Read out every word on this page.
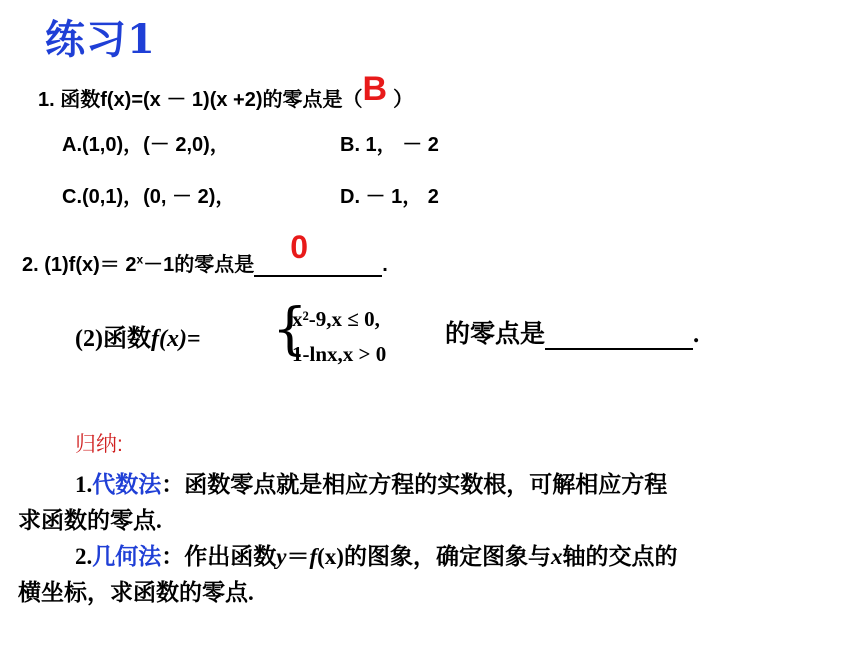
练习1
1. 函数f(x)=(x － 1)(x +2)的零点是（B ）
A.(1,0)，(－ 2,0)，	B. 1， － 2
C.(0,1)，(0, － 2)，	D. － 1， 2
2. $(1)f(x)= 2^x-1$的零点是 0	.
(2)函数f(x)= {
x²-9,x ≤ 0,
1-lnx,x > 0
的零点是	.
归纳:
1.代数法：函数零点就是相应方程的实数根，可解相应方程
求函数的零点.
2.几何法：作出函数y＝f(x)的图象，确定图象与x轴的交点的
横坐标，求函数的零点.
